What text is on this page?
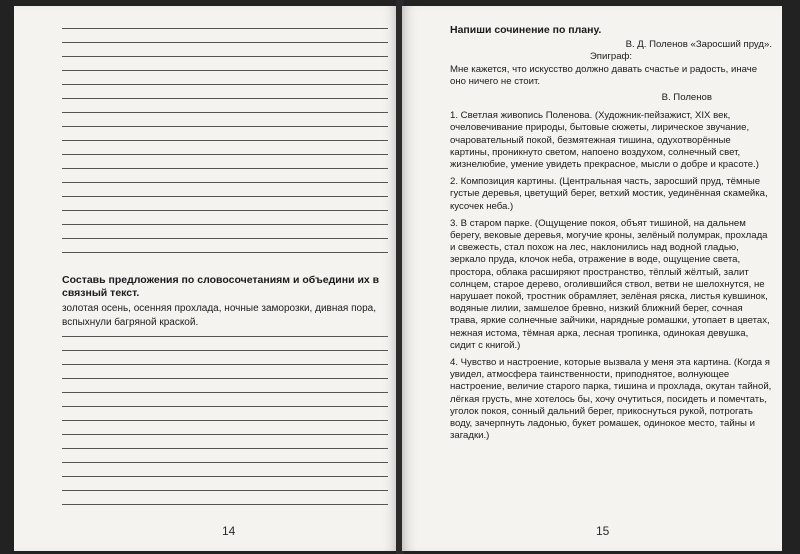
Составь предложения по словосочетаниям и объедини их в связный текст.

золотая осень, осенняя прохлада, ночные заморозки, дивная пора, вспыхнули багряной краской.

14

Напиши сочинение по плану.

В. Д. Поленов «Заросший пруд».

Эпиграф:

Мне кажется, что искусство должно давать счастье и радость, иначе оно ничего не стоит.

В. Поленов

1. Светлая живопись Поленова. (Художник-пейзажист, XIX век, очеловечивание природы, бытовые сюжеты, лирическое звучание, очаровательный покой, безмятежная тишина, одухотворённые картины, проникнуто светом, напоено воздухом, солнечный свет, жизнелюбие, умение увидеть прекрасное, мысли о добре и красоте.)

2. Композиция картины. (Центральная часть, заросший пруд, тёмные густые деревья, цветущий берег, ветхий мостик, уединённая скамейка, кусочек неба.)

3. В старом парке. (Ощущение покоя, объят тишиной, на дальнем берегу, вековые деревья, могучие кроны, зелёный полумрак, прохлада и свежесть, стал похож на лес, наклонились над водной гладью, зеркало пруда, клочок неба, отражение в воде, ощущение света, простора, облака расширяют пространство, тёплый жёлтый, залит солнцем, старое дерево, оголившийся ствол, ветви не шелохнутся, не нарушает покой, тростник обрамляет, зелёная ряска, листья кувшинок, водяные лилии, замшелое бревно, низкий ближний берег, сочная трава, яркие солнечные зайчики, нарядные ромашки, утопает в цветах, нежная истома, тёмная арка, лесная тропинка, одинокая девушка, сидит с книгой.)

4. Чувство и настроение, которые вызвала у меня эта картина. (Когда я увидел, атмосфера таинственности, приподнятое, волнующее настроение, величие старого парка, тишина и прохлада, окутан тайной, лёгкая грусть, мне хотелось бы, хочу очутиться, посидеть и помечтать, уголок покоя, сонный дальний берег, прикоснуться рукой, потрогать воду, зачерпнуть ладонью, букет ромашек, одинокое место, тайны и загадки.)

15
